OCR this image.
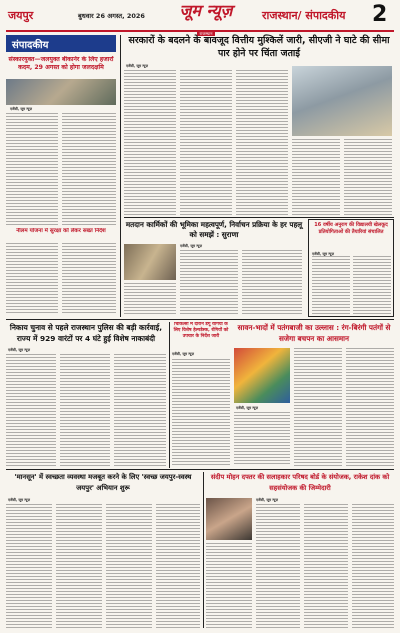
जयपुर	बुधवार 26 अगस्त, 2026	जूम न्यूज़
राजस्थान
राजस्थान/ संपादकीय 2
संपादकीय
संस्कारयुक्त—जलयुक्त बीकानेर के लिए हजारों कदम, 29 अगस्त को होगा जलदक्षमि
एजेंसी, जूम न्यूज़
नीलम योजना में सुरक्षा को लेकर सख्त निर्देश
सरकारों के बदलने के बावजूद वित्तीय मुश्किलें जारी, सीएजी ने घाटे की सीमा पार होने पर चिंता जताई
एजेंसी, जूम न्यूज़
मतदान कार्मिकों की भूमिका महत्वपूर्ण, निर्वाचन प्रक्रिया के हर पहलू को समझें : सुराणा
एजेंसी, जूम न्यूज़
16 वर्षीय अनुराग की विद्यालयी खेलकूद प्रतियोगिताओं की तैयारियां संचालित
एजेंसी, जूम न्यूज़
निकाय चुनाव से पहले राजस्थान पुलिस की बड़ी कार्रवाई, राज्य में 929 वारंटों पर 4 घंटे हुई विशेष नाकाबंदी
एजेंसी, जूम न्यूज़
चिकित्सा में दौरान डेंगू रोगियों के लिए विशेष हेल्पडेस्क, रोगियों को उपचार के निर्देश जारी
एजेंसी, जूम न्यूज़
सावन-भादों में पतंगबाजी का उल्लास : रंग-बिरंगी पतंगों से सजेगा बचपन का आसमान
एजेंसी, जूम न्यूज़
'मानसून' में स्वच्छता व्यवस्था मजबूत करने के लिए 'स्वच्छ जयपुर-स्वस्थ जयपुर' अभियान शुरू
एजेंसी, जूम न्यूज़
संदीप मोहन दफ्तर की सलाहकार परिषद बोर्ड के संयोजक, राकेश दांक को सहसंयोजक की जिम्मेदारी
एजेंसी, जूम न्यूज़
